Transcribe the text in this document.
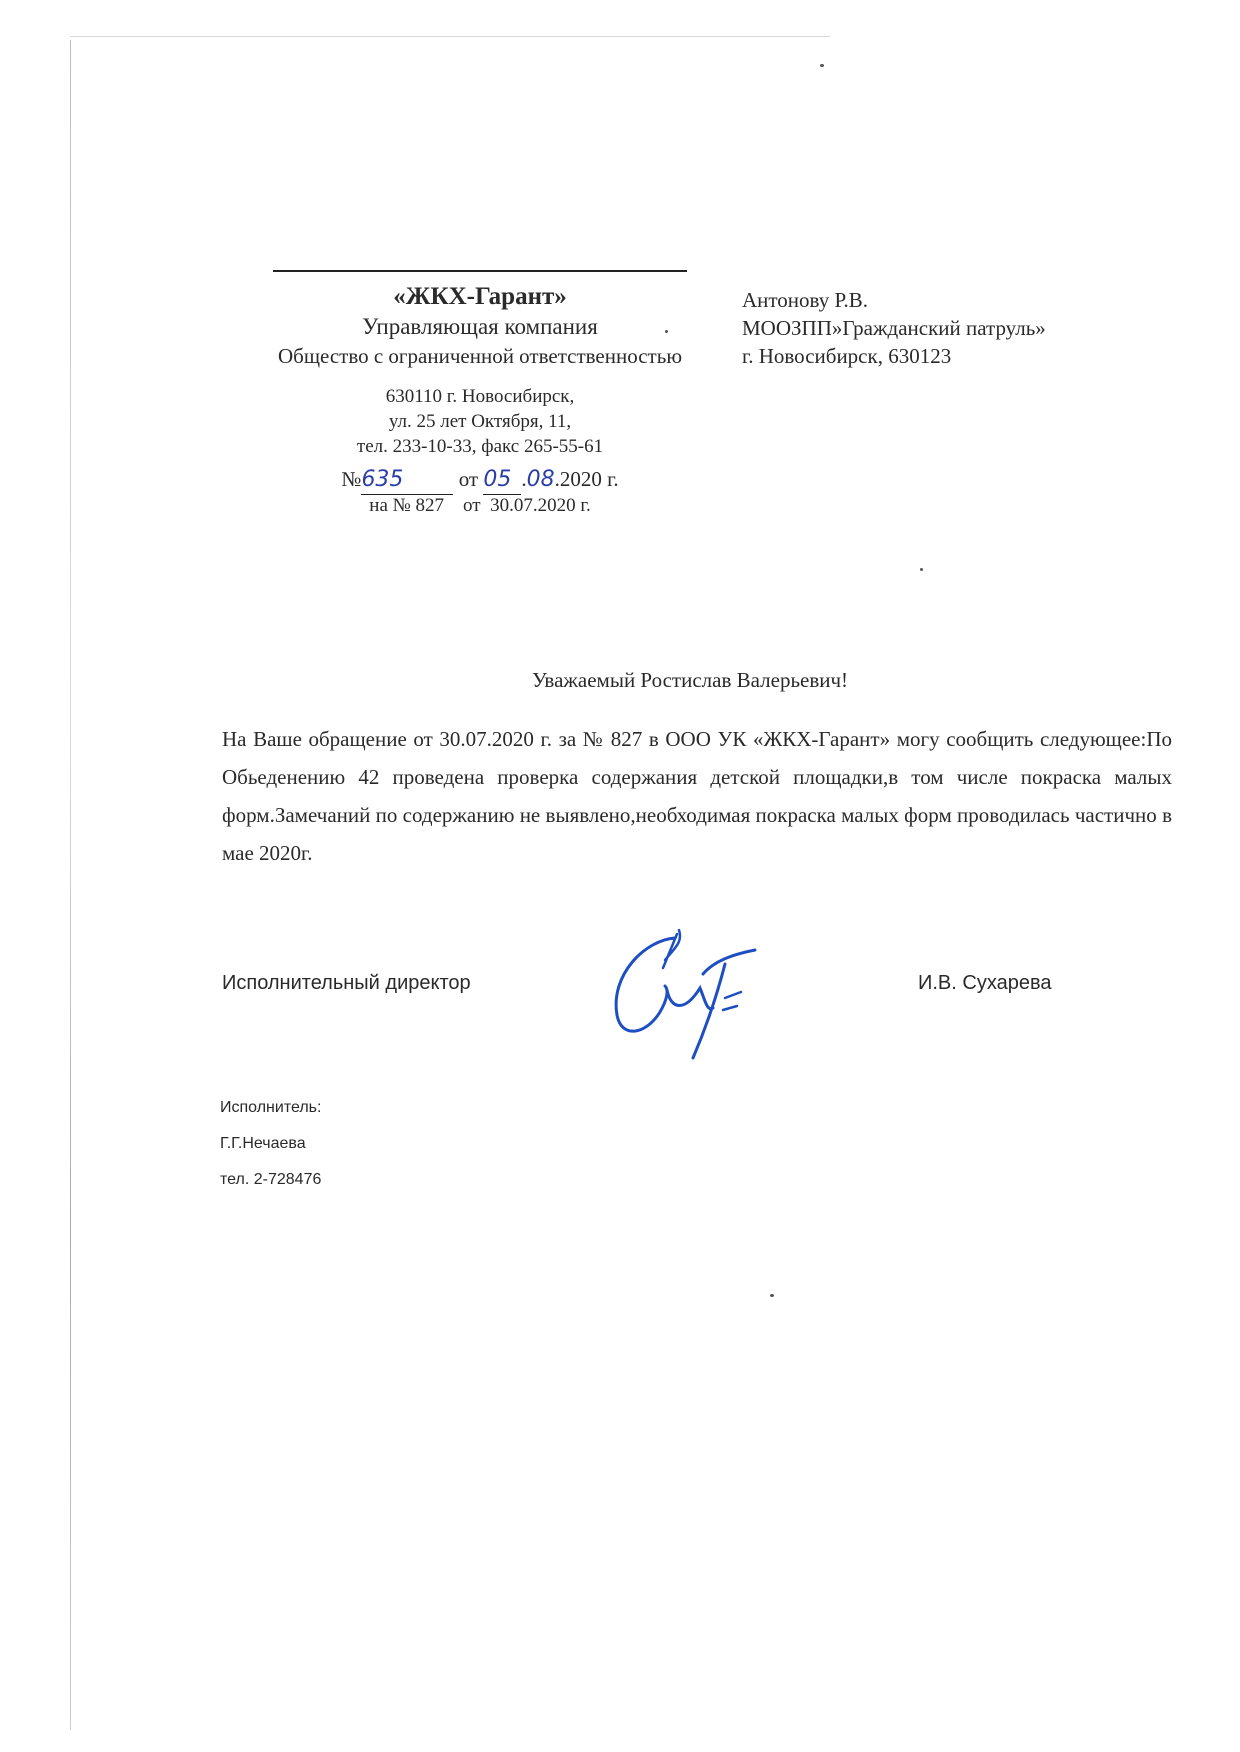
«ЖКХ-Гарант»
Управляющая компания
Общество с ограниченной ответственностью
630110 г. Новосибирск,
ул. 25 лет Октября, 11,
тел. 233-10-33, факс 265-55-61
№635	от 05 .08.2020 г.
на № 827    от  30.07.2020 г.
Антонову Р.В.
МООЗПП»Гражданский патруль»
г. Новосибирск, 630123
Уважаемый Ростислав Валерьевич!
На Ваше обращение от 30.07.2020 г. за № 827 в ООО УК «ЖКХ-Гарант» могу сообщить следующее:По Обьеденению 42 проведена проверка содержания детской площадки,в том числе покраска малых форм.Замечаний по содержанию не выявлено,необходимая покраска малых форм проводилась частично в мае 2020г.
Исполнительный директор	И.В. Сухарева
Исполнитель:
Г.Г.Нечаева
тел. 2-728476
